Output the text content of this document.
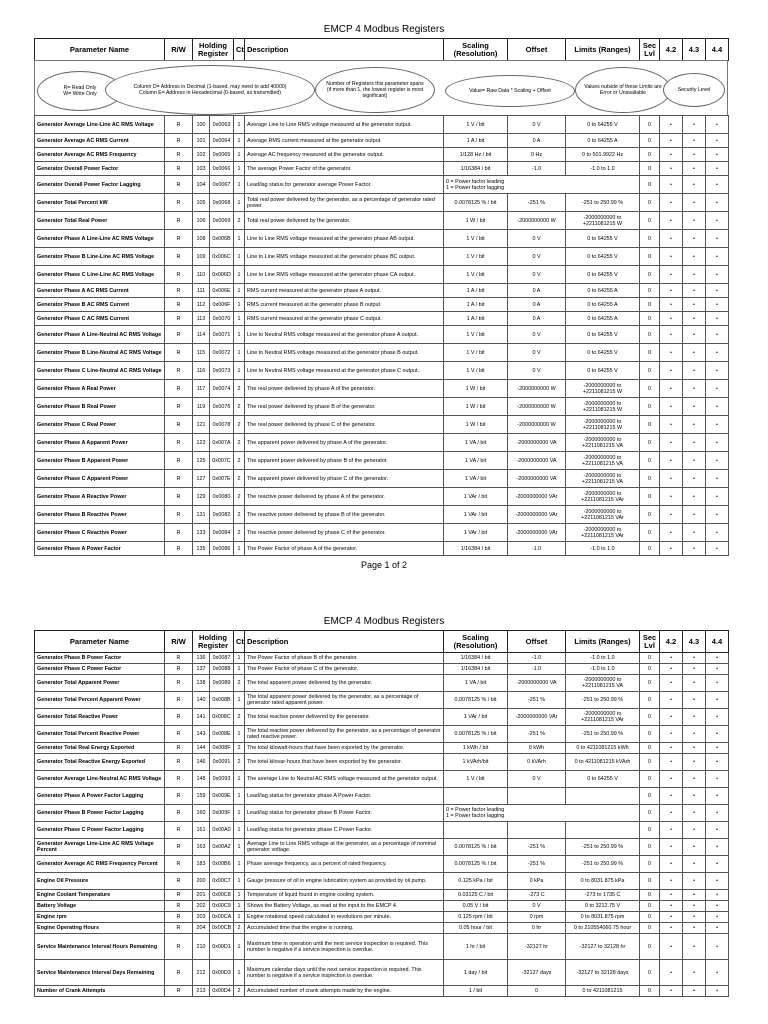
EMCP 4 Modbus Registers
Parameter Name	R/W	Holding Register	Ct	Description	Scaling (Resolution)	Offset	Limits (Ranges)	Sec Lvl	4.2	4.3	4.4
R= Read Only
W= Write Only
Column D= Address in Decimal (1-based, may need to add 40000)
Column E= Address in Hexadecimal (0-based, as transmitted)
Number of Registers this parameter spans (if more than 1, the lowest register is most significant)
Value= Raw Data * Scaling + Offset
Values outside of these Limits are Error or Unavailable	Security Level
Generator Average Line-Line AC RMS Voltage	R	100	0x0063	1	Average Line to Line RMS voltage measured at the generator output.	1 V / bit	0 V	0 to 64255 V	0	•	•	•
Generator Average AC RMS Current	R	101	0x0064	1	Average RMS current measured at the generator output.	1 A / bit	0 A	0 to 64255 A	0	•	•	•
Generator Average AC RMS Frequency	R	102	0x0065	1	Average AC frequency measured at the generator output.	1/128 Hz / bit	0 Hz	0 to 501.9922 Hz	0	•	•	•
Generator Overall Power Factor	R	103	0x0066	1	The average Power Factor of the generator.	1/16384 / bit	-1.0	-1.0 to 1.0	0	•	•	•
Generator Overall Power Factor Lagging	R	104	0x0067	1	Lead/lag status for generator average Power Factor.	0 = Power factor leading
1 = Power factor lagging			0	•	•	•
Generator Total Percent kW	R	105	0x0068	1	Total real power delivered by the generator, as a percentage of generator rated power.	0.0078125 % / bit	-251 %	-251 to 250.99 %	0	•	•	•
Generator Total Real Power	R	106	0x0069	2	Total real power delivered by the generator.	1 W / bit	-2000000000 W	-2000000000 to +2211081215 W	0	•	•	•
Generator Phase A Line-Line AC RMS Voltage	R	108	0x006B	1	Line to Line RMS voltage measured at the generator phase AB output.	1 V / bit	0 V	0 to 64255 V	0	•	•	•
Generator Phase B Line-Line AC RMS Voltage	R	109	0x006C	1	Line to Line RMS voltage measured at the generator phase BC output.	1 V / bit	0 V	0 to 64255 V	0	•	•	•
Generator Phase C Line-Line AC RMS Voltage	R	110	0x006D	1	Line to Line RMS voltage measured at the generator phase CA output.	1 V / bit	0 V	0 to 64255 V	0	•	•	•
Generator Phase A AC RMS Current	R	111	0x006E	1	RMS current measured at the generator phase A output.	1 A / bit	0 A	0 to 64255 A	0	•	•	•
Generator Phase B AC RMS Current	R	112	0x006F	1	RMS current measured at the generator phase B output.	1 A / bit	0 A	0 to 64255 A	0	•	•	•
Generator Phase C AC RMS Current	R	113	0x0070	1	RMS current measured at the generator phase C output.	1 A / bit	0 A	0 to 64255 A	0	•	•	•
Generator Phase A Line-Neutral AC RMS Voltage	R	114	0x0071	1	Line to Neutral RMS voltage measured at the generator phase A output.	1 V / bit	0 V	0 to 64255 V	0	•	•	•
Generator Phase B Line-Neutral AC RMS Voltage	R	115	0x0072	1	Line to Neutral RMS voltage measured at the generator phase B output.	1 V / bit	0 V	0 to 64255 V	0	•	•	•
Generator Phase C Line-Neutral AC RMS Voltage	R	116	0x0073	1	Line to Neutral RMS voltage measured at the generator phase C output.	1 V / bit	0 V	0 to 64255 V	0	•	•	•
Generator Phase A Real Power	R	117	0x0074	2	The real power delivered by phase A of the generator.	1 W / bit	-2000000000 W	-2000000000 to +2211081215 W	0	•	•	•
Generator Phase B Real Power	R	119	0x0076	2	The real power delivered by phase B of the generator.	1 W / bit	-2000000000 W	-2000000000 to +2211081215 W	0	•	•	•
Generator Phase C Real Power	R	121	0x0078	2	The real power delivered by phase C of the generator.	1 W / bit	-2000000000 W	-2000000000 to +2211081215 W	0	•	•	•
Generator Phase A Apparent Power	R	123	0x007A	2	The apparent power delivered by phase A of the generator.	1 VA / bit	-2000000000 VA	-2000000000 to +2211081215 VA	0	•	•	•
Generator Phase B Apparent Power	R	125	0x007C	2	The apparent power delivered by phase B of the generator.	1 VA / bit	-2000000000 VA	-2000000000 to +2211081215 VA	0	•	•	•
Generator Phase C Apparent Power	R	127	0x007E	2	The apparent power delivered by phase C of the generator.	1 VA / bit	-2000000000 VA	-2000000000 to +2211081215 VA	0	•	•	•
Generator Phase A Reactive Power	R	129	0x0080	2	The reactive power delivered by phase A of the generator.	1 VAr / bit	-2000000000 VAr	-2000000000 to +2211081215 VAr	0	•	•	•
Generator Phase B Reactive Power	R	131	0x0082	2	The reactive power delivered by phase B of the generator.	1 VAr / bit	-2000000000 VAr	-2000000000 to +2211081215 VAr	0	•	•	•
Generator Phase C Reactive Power	R	133	0x0084	2	The reactive power delivered by phase C of the generator.	1 VAr / bit	-2000000000 VAr	-2000000000 to +2211081215 VAr	0	•	•	•
Generator Phase A Power Factor	R	135	0x0086	1	The Power Factor of phase A of the generator.	1/16384 / bit	-1.0	-1.0 to 1.0	0	•	•	•
Page 1 of 2
EMCP 4 Modbus Registers
Parameter Name	R/W	Holding Register		Ct	Description	Scaling (Resolution)	Offset	Limits (Ranges)	Sec Lvl	4.2	4.3	4.4
Generator Phase B Power Factor	R	136	0x0087	1	The Power Factor of phase B of the generator.	1/16384 / bit	-1.0	-1.0 to 1.0	0	•	•	•
Generator Phase C Power Factor	R	137	0x0088	1	The Power Factor of phase C of the generator.	1/16384 / bit	-1.0	-1.0 to 1.0	0	•	•	•
Generator Total Apparent Power	R	138	0x0089	2	The total apparent power delivered by the generator.	1 VA / bit	-2000000000 VA	-2000000000 to +2211081215 VA	0	•	•	•
Generator Total Percent Apparent Power	R	140	0x008B	1	The total apparent power delivered by the generator, as a percentage of generator rated apparent power.	0.0078125 % / bit	-251 %	-251 to 250.99 %	0	•	•	•
Generator Total Reactive Power	R	141	0x008C	2	The total reactive power delivered by the generator.	1 VAr / bit	-2000000000 VAr	-2000000000 to +2211081215 VAr	0	•	•	•
Generator Total Percent Reactive Power	R	143	0x008E	1	The total reactive power delivered by the generator, as a percentage of generator rated reactive power.	0.0078125 % / bit	-251 %	-251 to 250.99 %	0	•	•	•
Generator Total Real Energy Exported	R	144	0x008F	2	The total kilowatt-hours that have been exported by the generator.	1 kWh / bit	0 kWh	0 to 4211081215 kWh	0	•	•	•
Generator Total Reactive Energy Exported	R	146	0x0091	2	The total kilovar-hours that have been exported by the generator.	1 kVArh/bit	0 kVArh	0 to 4211081215 kVArh	0	•	•	•
Generator Average Line-Neutral AC RMS Voltage	R	148	0x0093	1	The average Line to Neutral AC RMS voltage measured at the generator output.	1 V / bit	0 V	0 to 64255 V	0	•	•	•
Generator Phase A Power Factor Lagging	R	159	0x009E	1	Lead/lag status for generator phase A Power Factor.				0	•	•	•
Generator Phase B Power Factor Lagging	R	160	0x009F	1	Lead/lag status for generator phase B Power Factor.	0 = Power factor leading
1 = Power factor lagging			0	•	•	•
Generator Phase C Power Factor Lagging	R	161	0x00A0	1	Lead/lag status for generator phase C Power Factor.				0	•	•	•
Generator Average Line-Line AC RMS Voltage Percent	R	163	0x00A2	1	Average Line to Line RMS voltage at the generator, as a percentage of nominal generator voltage.	0.0078125 % / bit	-251 %	-251 to 250.99 %	0	•	•	•
Generator Average AC RMS Frequency Percent	R	183	0x00B6	1	Phase average frequency, as a percent of rated frequency.	0.0078125 % / bit	-251 %	-251 to 250.99 %	0	•	•	•
Engine Oil Pressure	R	200	0x00C7	1	Gauge pressure of oil in engine lubrication system as provided by oil pump.	0.125 kPa / bit	0 kPa	0 to 8031.875 kPa	0	•	•	•
Engine Coolant Temperature	R	201	0x00C8	1	Temperature of liquid found in engine cooling system.	0.03125 C / bit	-273 C	-273 to 1735 C	0	•	•	•
Battery Voltage	R	202	0x00C9	1	Shows the Battery Voltage, as read at the input to the EMCP 4.	0.05 V / bit	0 V	0 to 3212.75 V	0	•	•	•
Engine rpm	R	203	0x00CA	1	Engine rotational speed calculated in revolutions per minute.	0.125 rpm / bit	0 rpm	0 to 8031.875 rpm	0	•	•	•
Engine Operating Hours	R	204	0x00CB	2	Accumulated time that the engine is running.	0.05 hour / bit	0 hr	0 to 210554060.75 hour	0	•	•	•
Service Maintenance Interval Hours Remaining	R	210	0x00D1	1	Maximum time in operation until the next service inspection is required. This number is negative if a service inspection is overdue.	1 hr / bit	-32127 hr	-32127 to 32128 hr	0	•	•	•
Service Maintenance Interval Days Remaining	R	212	0x00D3	1	Maximum calendar days until the next service inspection is required. This number is negative if a service inspection is overdue.	1 day / bit	-32127 days	-32127 to 32128 days	0	•	•	•
Number of Crank Attempts	R	213	0x00D4	2	Accumulated number of crank attempts made by the engine.	1 / bit	0	0 to 4211081215	0	•	•	•
